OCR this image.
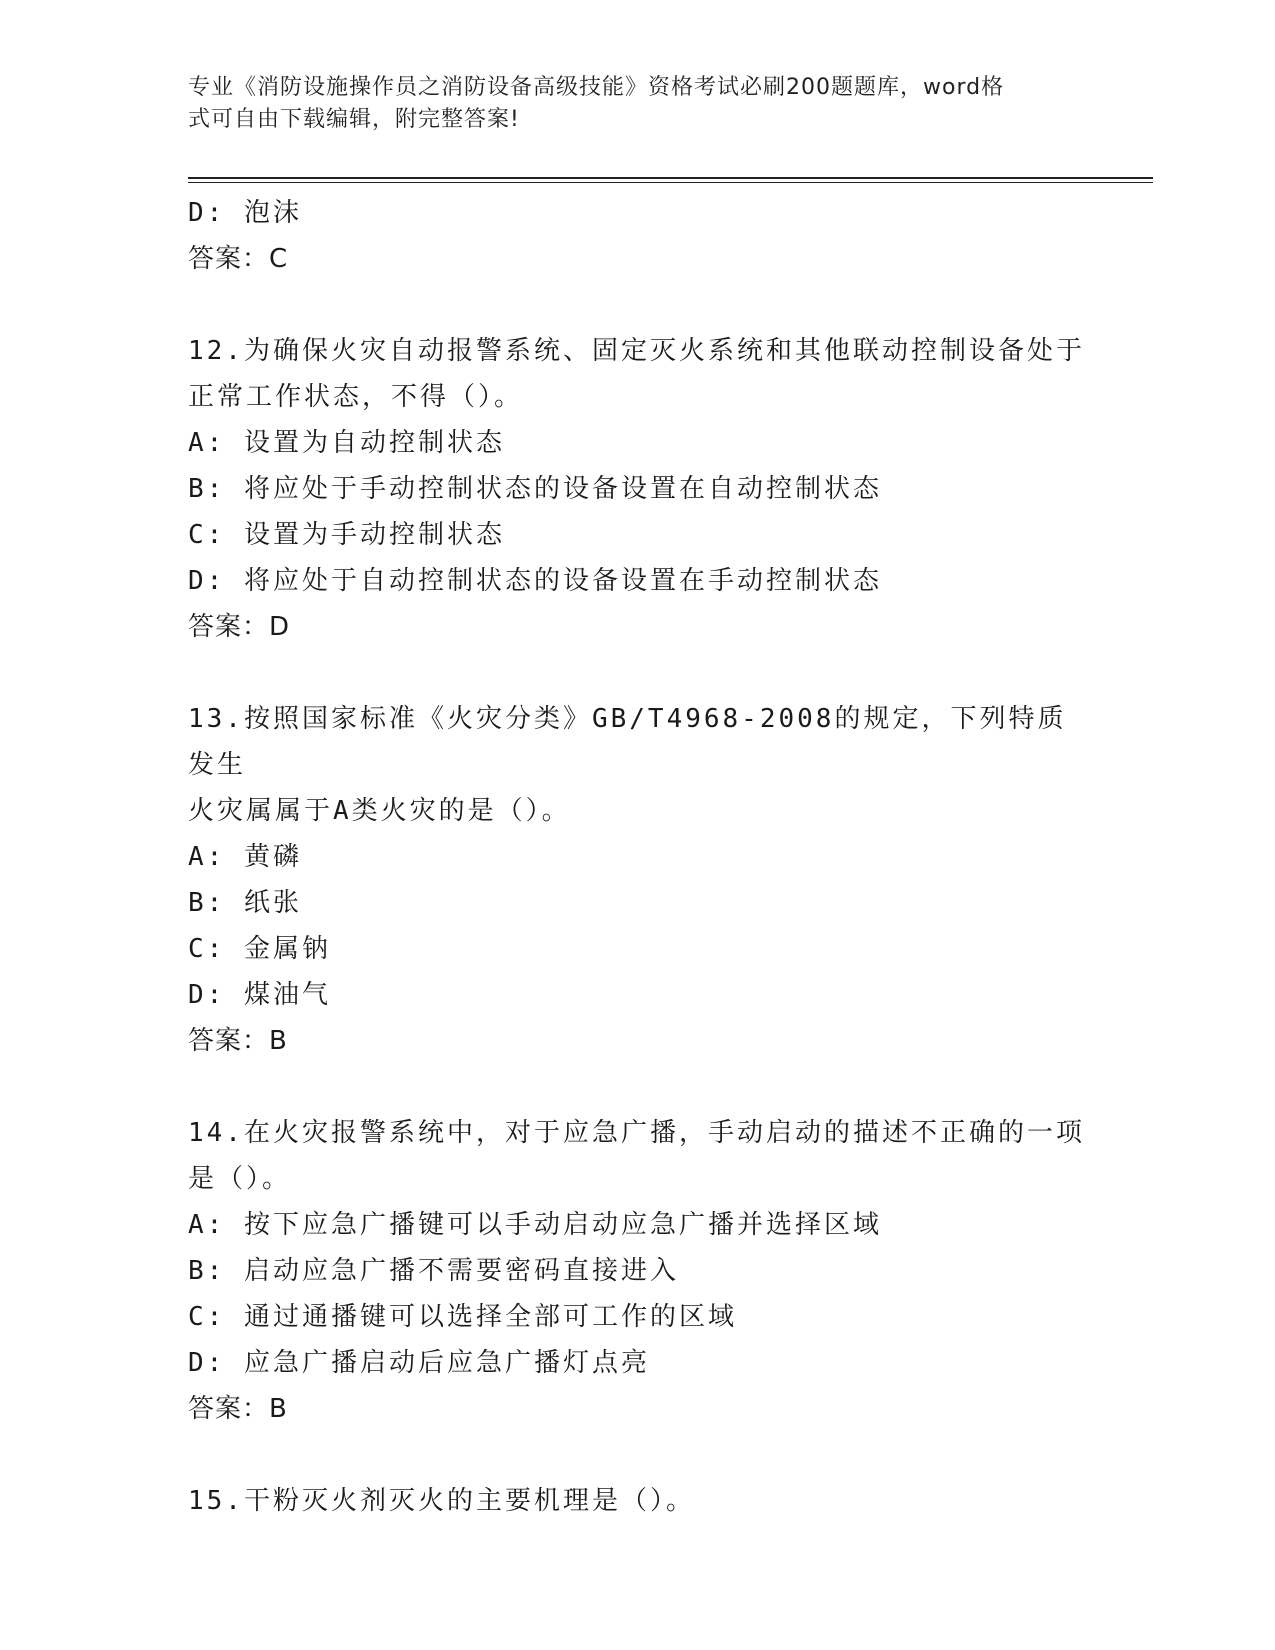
专业《消防设施操作员之消防设备高级技能》资格考试必刷200题题库，word格
式可自由下载编辑，附完整答案!
D: 泡沫
答案：C
12.为确保火灾自动报警系统、固定灭火系统和其他联动控制设备处于
正常工作状态，不得（）。
A: 设置为自动控制状态
B: 将应处于手动控制状态的设备设置在自动控制状态
C: 设置为手动控制状态
D: 将应处于自动控制状态的设备设置在手动控制状态
答案：D
13.按照国家标准《火灾分类》GB/T4968-2008的规定，下列特质发生
火灾属属于A类火灾的是（）。
A: 黄磷
B: 纸张
C: 金属钠
D: 煤油气
答案：B
14.在火灾报警系统中，对于应急广播，手动启动的描述不正确的一项
是（）。
A: 按下应急广播键可以手动启动应急广播并选择区域
B: 启动应急广播不需要密码直接进入
C: 通过通播键可以选择全部可工作的区域
D: 应急广播启动后应急广播灯点亮
答案：B
15.干粉灭火剂灭火的主要机理是（）。
